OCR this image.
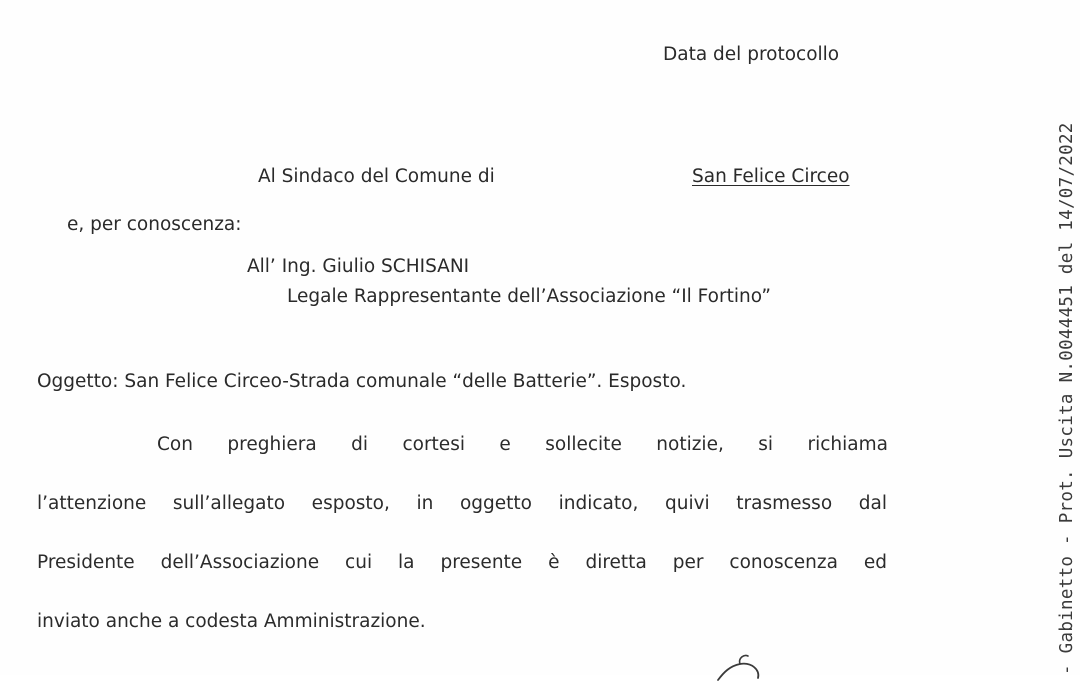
Data del protocollo
Al Sindaco del Comune di	San Felice Circeo
e, per conoscenza:
All’ Ing. Giulio SCHISANI
Legale Rappresentante dell’Associazione “Il Fortino”
Oggetto: San Felice Circeo-Strada comunale “delle Batterie”. Esposto.
Con preghiera di cortesi e sollecite notizie, si richiama
l’attenzione sull’allegato esposto, in oggetto indicato, quivi trasmesso dal
Presidente dell’Associazione cui la presente è diretta per conoscenza ed
inviato anche a codesta Amministrazione.	- Gabinetto - Prot. Uscita N.0044451 del 14/07/2022
